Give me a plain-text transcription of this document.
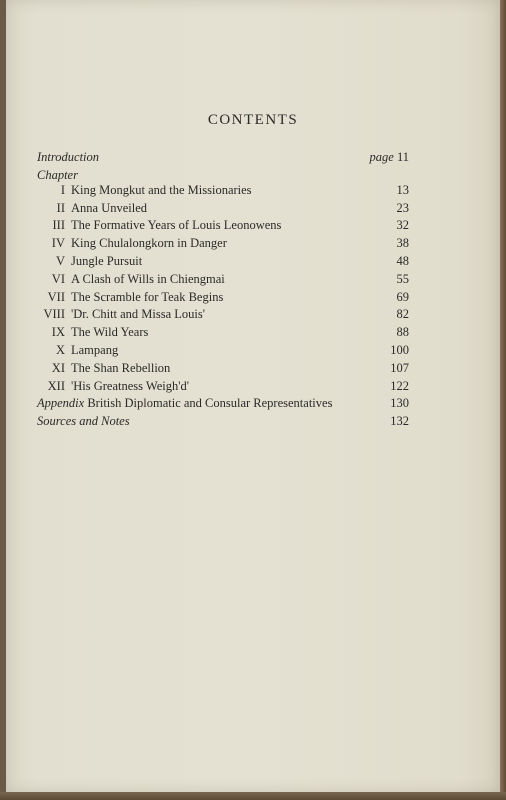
CONTENTS
Introduction	page 11
Chapter
I King Mongkut and the Missionaries	13
II Anna Unveiled	23
III The Formative Years of Louis Leonowens	32
IV King Chulalongkorn in Danger	38
V Jungle Pursuit	48
VI A Clash of Wills in Chiengmai	55
VII The Scramble for Teak Begins	69
VIII 'Dr. Chitt and Missa Louis'	82
IX The Wild Years	88
X Lampang	100
XI The Shan Rebellion	107
XII 'His Greatness Weigh'd'	122
Appendix British Diplomatic and Consular Representatives	130
Sources and Notes	132
